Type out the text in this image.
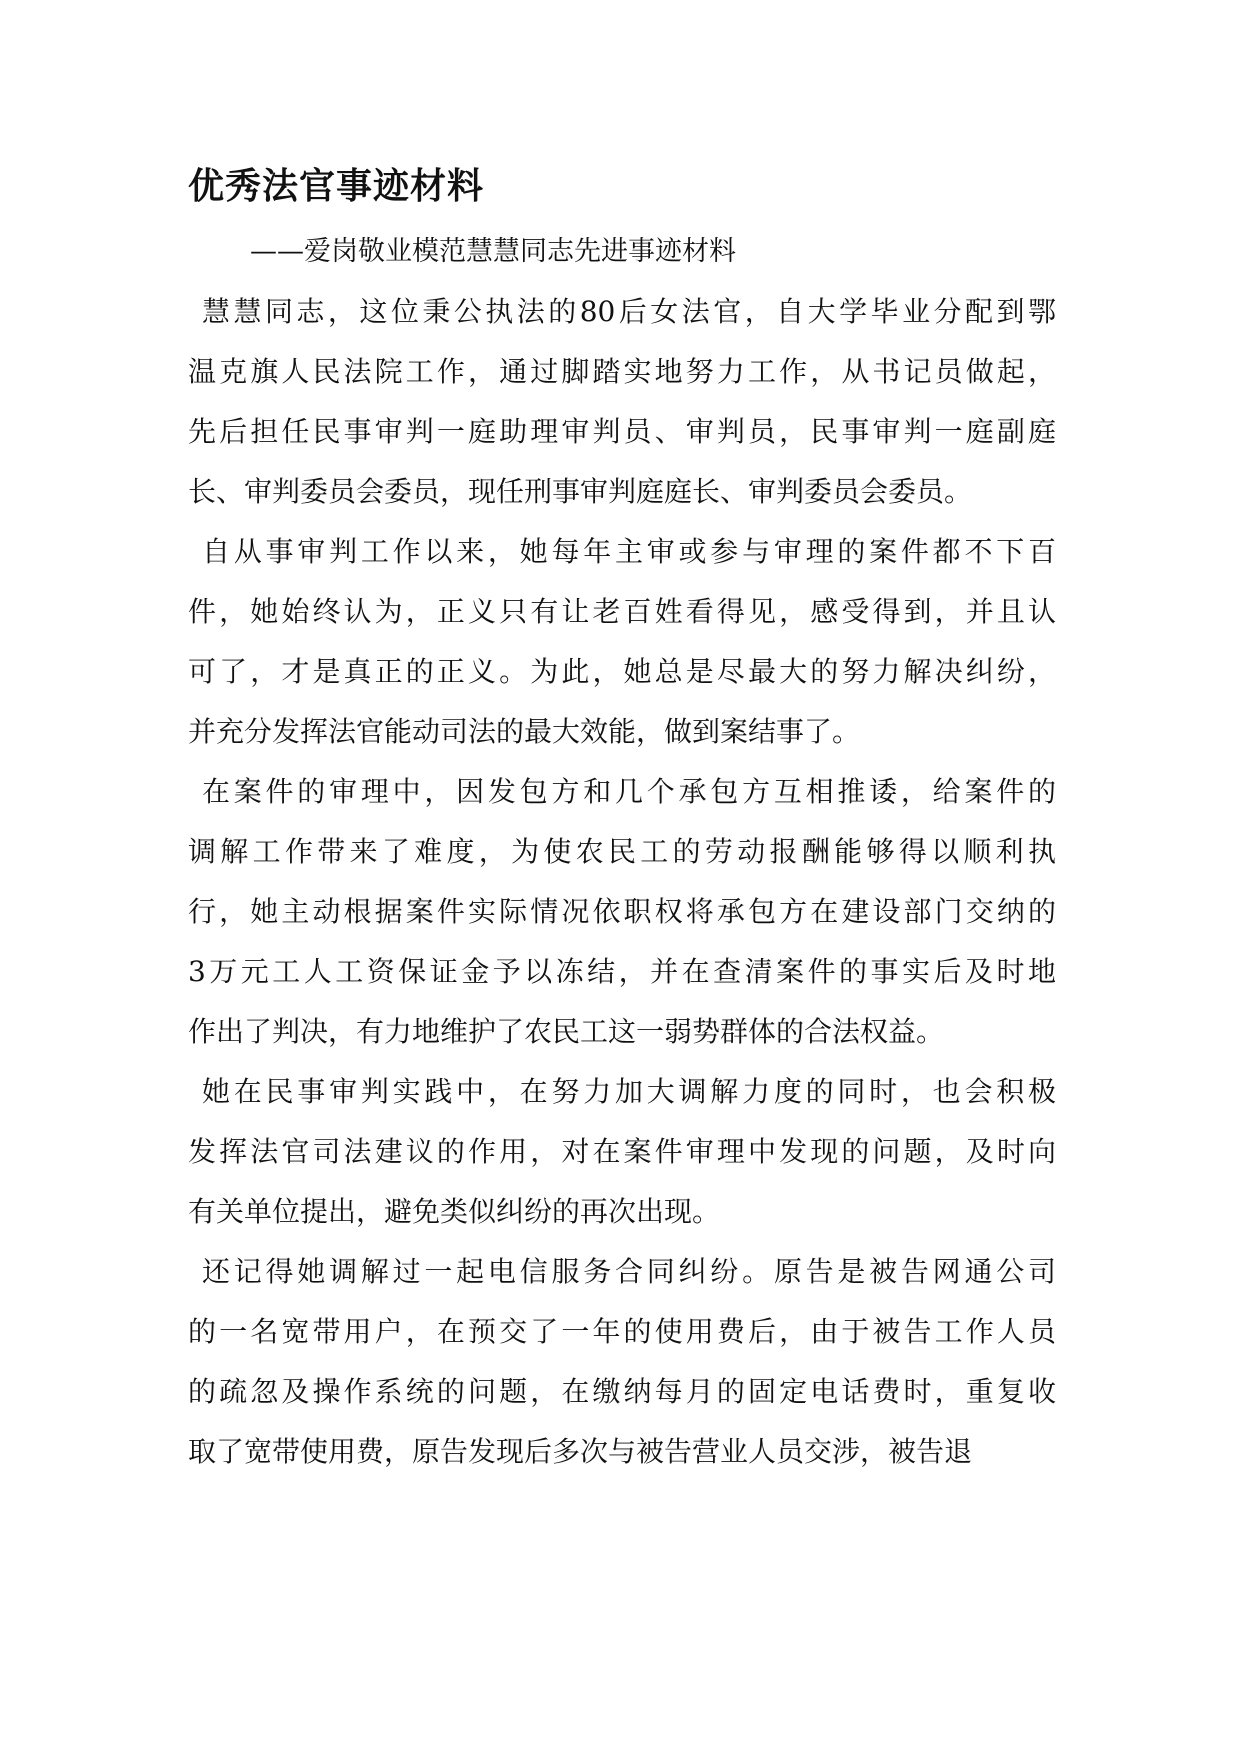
优秀法官事迹材料
——爱岗敬业模范慧慧同志先进事迹材料
慧慧同志，这位秉公执法的80后女法官，自大学毕业分配到鄂
温克旗人民法院工作，通过脚踏实地努力工作，从书记员做起，
先后担任民事审判一庭助理审判员、审判员，民事审判一庭副庭
长、审判委员会委员，现任刑事审判庭庭长、审判委员会委员。
自从事审判工作以来，她每年主审或参与审理的案件都不下百
件，她始终认为，正义只有让老百姓看得见，感受得到，并且认
可了，才是真正的正义。为此，她总是尽最大的努力解决纠纷，
并充分发挥法官能动司法的最大效能，做到案结事了。
在案件的审理中，因发包方和几个承包方互相推诿，给案件的
调解工作带来了难度，为使农民工的劳动报酬能够得以顺利执
行，她主动根据案件实际情况依职权将承包方在建设部门交纳的
3万元工人工资保证金予以冻结，并在查清案件的事实后及时地
作出了判决，有力地维护了农民工这一弱势群体的合法权益。
她在民事审判实践中，在努力加大调解力度的同时，也会积极
发挥法官司法建议的作用，对在案件审理中发现的问题，及时向
有关单位提出，避免类似纠纷的再次出现。
还记得她调解过一起电信服务合同纠纷。原告是被告网通公司
的一名宽带用户，在预交了一年的使用费后，由于被告工作人员
的疏忽及操作系统的问题，在缴纳每月的固定电话费时，重复收
取了宽带使用费，原告发现后多次与被告营业人员交涉，被告退
